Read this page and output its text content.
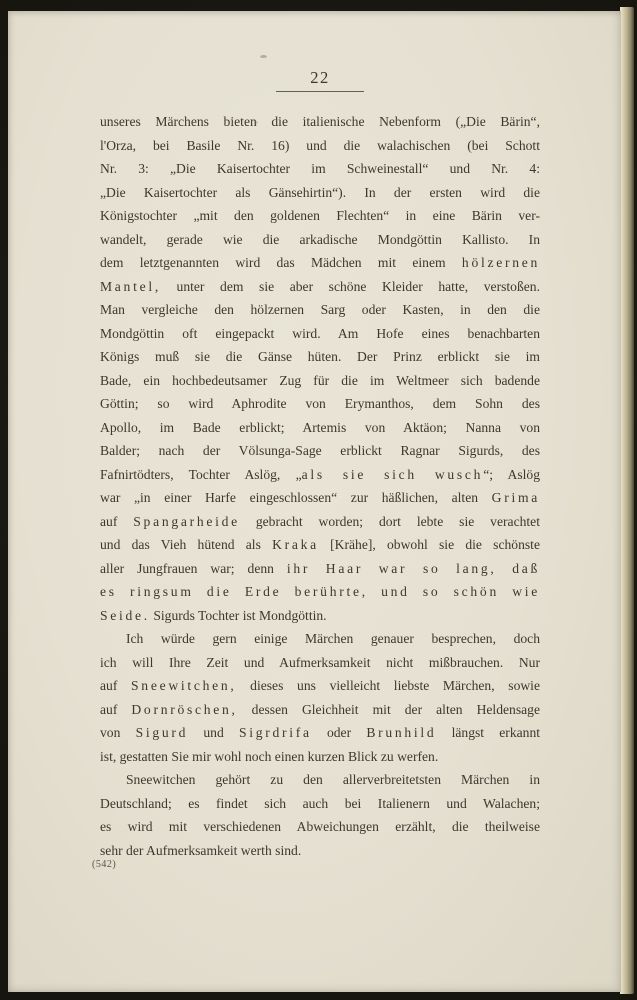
22
unseres Märchens bieten die italienische Nebenform („Die Bärin“,
l'Orza, bei Basile Nr. 16) und die walachischen (bei Schott
Nr. 3: „Die Kaisertochter im Schweinestall“ und Nr. 4:
„Die Kaisertochter als Gänsehirtin“). In der ersten wird die
Königstochter „mit den goldenen Flechten“ in eine Bärin ver-
wandelt, gerade wie die arkadische Mondgöttin Kallisto. In
dem letztgenannten wird das Mädchen mit einem hölzernen
Mantel, unter dem sie aber schöne Kleider hatte, verstoßen.
Man vergleiche den hölzernen Sarg oder Kasten, in den die
Mondgöttin oft eingepackt wird. Am Hofe eines benachbarten
Königs muß sie die Gänse hüten. Der Prinz erblickt sie im
Bade, ein hochbedeutsamer Zug für die im Weltmeer sich badende
Göttin; so wird Aphrodite von Erymanthos, dem Sohn des
Apollo, im Bade erblickt; Artemis von Aktäon; Nanna von
Balder; nach der Völsunga-Sage erblickt Ragnar Sigurds, des
Fafnirtödters, Tochter Aslög, „als sie sich wusch“; Aslög
war „in einer Harfe eingeschlossen“ zur häßlichen, alten Grima
auf Spangarheide gebracht worden; dort lebte sie verachtet
und das Vieh hütend als Kraka [Krähe], obwohl sie die schönste
aller Jungfrauen war; denn ihr Haar war so lang, daß
es ringsum die Erde berührte, und so schön wie
Seide. Sigurds Tochter ist Mondgöttin.
Ich würde gern einige Märchen genauer besprechen, doch
ich will Ihre Zeit und Aufmerksamkeit nicht mißbrauchen. Nur
auf Sneewitchen, dieses uns vielleicht liebste Märchen, sowie
auf Dornröschen, dessen Gleichheit mit der alten Heldensage
von Sigurd und Sigrdrifa oder Brunhild längst erkannt
ist, gestatten Sie mir wohl noch einen kurzen Blick zu werfen.
Sneewitchen gehört zu den allerverbreitetsten Märchen in
Deutschland; es findet sich auch bei Italienern und Walachen;
es wird mit verschiedenen Abweichungen erzählt, die theilweise
sehr der Aufmerksamkeit werth sind.
(542)
